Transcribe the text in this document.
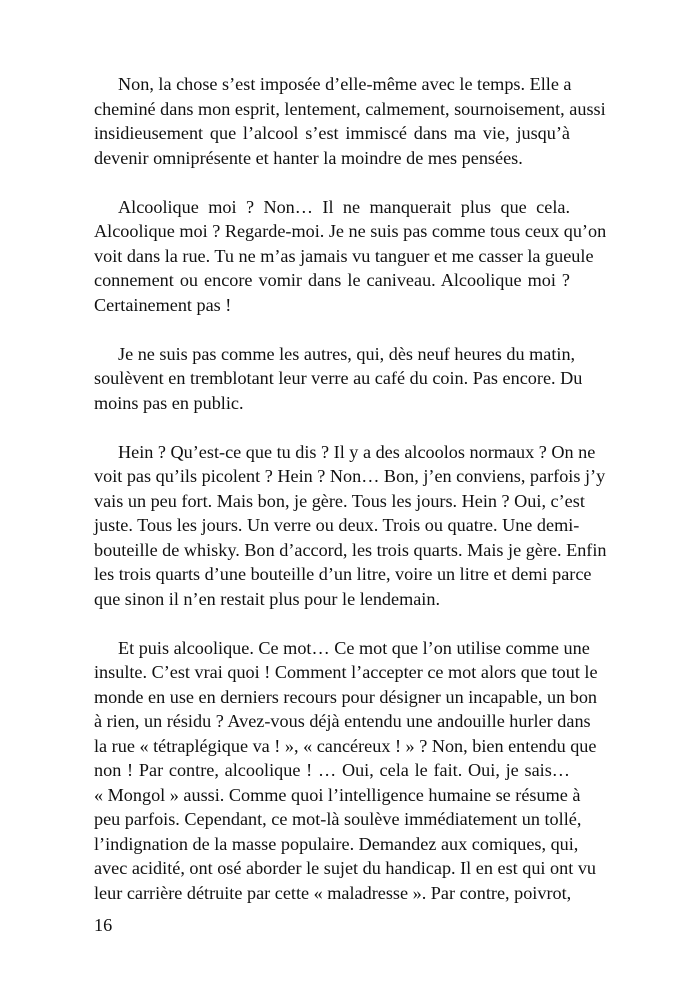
Non, la chose s’est imposée d’elle-même avec le temps. Elle a
cheminé dans mon esprit, lentement, calmement, sournoisement, aussi
insidieusement que l’alcool s’est immiscé dans ma vie, jusqu’à
devenir omniprésente et hanter la moindre de mes pensées.
Alcoolique moi ? Non… Il ne manquerait plus que cela.
Alcoolique moi ? Regarde-moi. Je ne suis pas comme tous ceux qu’on
voit dans la rue. Tu ne m’as jamais vu tanguer et me casser la gueule
connement ou encore vomir dans le caniveau. Alcoolique moi ?
Certainement pas !
Je ne suis pas comme les autres, qui, dès neuf heures du matin,
soulèvent en tremblotant leur verre au café du coin. Pas encore. Du
moins pas en public.
Hein ? Qu’est-ce que tu dis ? Il y a des alcoolos normaux ? On ne
voit pas qu’ils picolent ? Hein ? Non… Bon, j’en conviens, parfois j’y
vais un peu fort. Mais bon, je gère. Tous les jours. Hein ? Oui, c’est
juste. Tous les jours. Un verre ou deux. Trois ou quatre. Une demi-
bouteille de whisky. Bon d’accord, les trois quarts. Mais je gère. Enfin
les trois quarts d’une bouteille d’un litre, voire un litre et demi parce
que sinon il n’en restait plus pour le lendemain.
Et puis alcoolique. Ce mot… Ce mot que l’on utilise comme une
insulte. C’est vrai quoi ! Comment l’accepter ce mot alors que tout le
monde en use en derniers recours pour désigner un incapable, un bon
à rien, un résidu ? Avez-vous déjà entendu une andouille hurler dans
la rue « tétraplégique va ! », « cancéreux ! » ? Non, bien entendu que
non ! Par contre, alcoolique ! … Oui, cela le fait. Oui, je sais…
« Mongol » aussi. Comme quoi l’intelligence humaine se résume à
peu parfois. Cependant, ce mot-là soulève immédiatement un tollé,
l’indignation de la masse populaire. Demandez aux comiques, qui,
avec acidité, ont osé aborder le sujet du handicap. Il en est qui ont vu
leur carrière détruite par cette « maladresse ». Par contre, poivrot,
16
